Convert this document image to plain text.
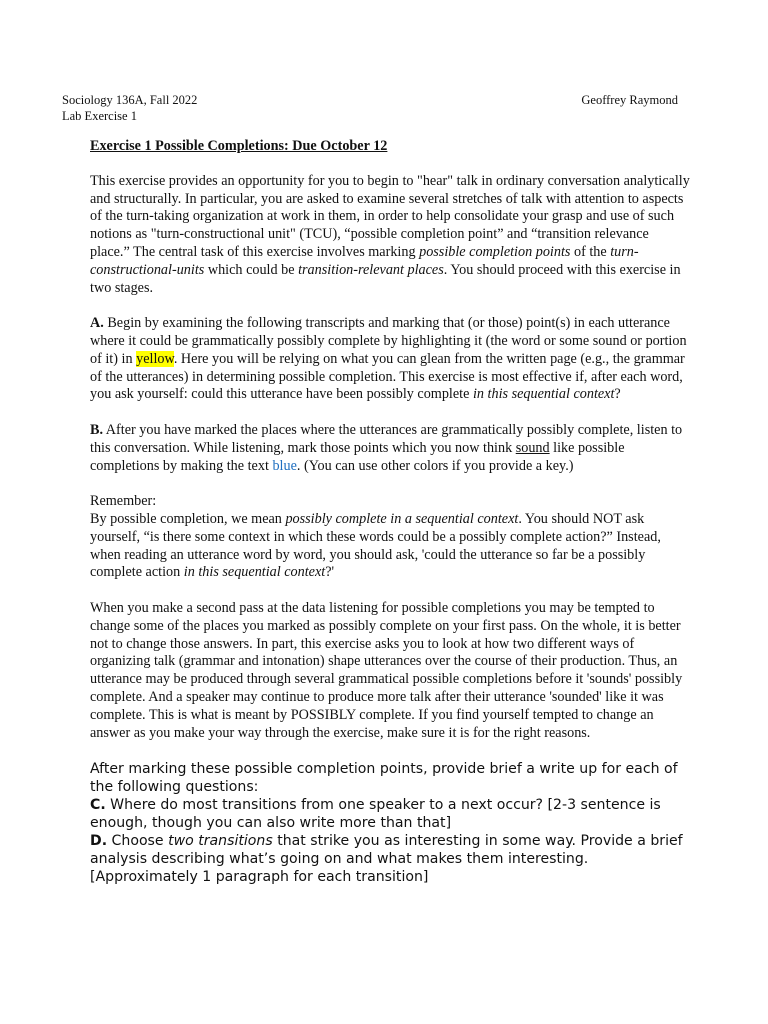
Sociology 136A, Fall 2022
Lab Exercise 1
Geoffrey Raymond
Exercise 1 Possible Completions: Due October 12

This exercise provides an opportunity for you to begin to "hear" talk in ordinary conversation analytically and structurally. In particular, you are asked to examine several stretches of talk with attention to aspects of the turn-taking organization at work in them, in order to help consolidate your grasp and use of such notions as "turn-constructional unit" (TCU), “possible completion point” and “transition relevance place.” The central task of this exercise involves marking possible completion points of the turn-constructional-units which could be transition-relevant places. You should proceed with this exercise in two stages.

A. Begin by examining the following transcripts and marking that (or those) point(s) in each utterance where it could be grammatically possibly complete by highlighting it (the word or some sound or portion of it) in yellow. Here you will be relying on what you can glean from the written page (e.g., the grammar of the utterances) in determining possible completion. This exercise is most effective if, after each word, you ask yourself: could this utterance have been possibly complete in this sequential context?

B. After you have marked the places where the utterances are grammatically possibly complete, listen to this conversation. While listening, mark those points which you now think sound like possible completions by making the text blue. (You can use other colors if you provide a key.)

Remember:
By possible completion, we mean possibly complete in a sequential context. You should NOT ask yourself, “is there some context in which these words could be a possibly complete action?” Instead, when reading an utterance word by word, you should ask, 'could the utterance so far be a possibly complete action in this sequential context?'

When you make a second pass at the data listening for possible completions you may be tempted to change some of the places you marked as possibly complete on your first pass. On the whole, it is better not to change those answers. In part, this exercise asks you to look at how two different ways of organizing talk (grammar and intonation) shape utterances over the course of their production. Thus, an utterance may be produced through several grammatical possible completions before it 'sounds' possibly complete. And a speaker may continue to produce more talk after their utterance 'sounded' like it was complete. This is what is meant by POSSIBLY complete. If you find yourself tempted to change an answer as you make your way through the exercise, make sure it is for the right reasons.

After marking these possible completion points, provide brief a write up for each of the following questions:

C. Where do most transitions from one speaker to a next occur? [2-3 sentence is enough, though you can also write more than that]

D. Choose two transitions that strike you as interesting in some way. Provide a brief analysis describing what’s going on and what makes them interesting. [Approximately 1 paragraph for each transition]
